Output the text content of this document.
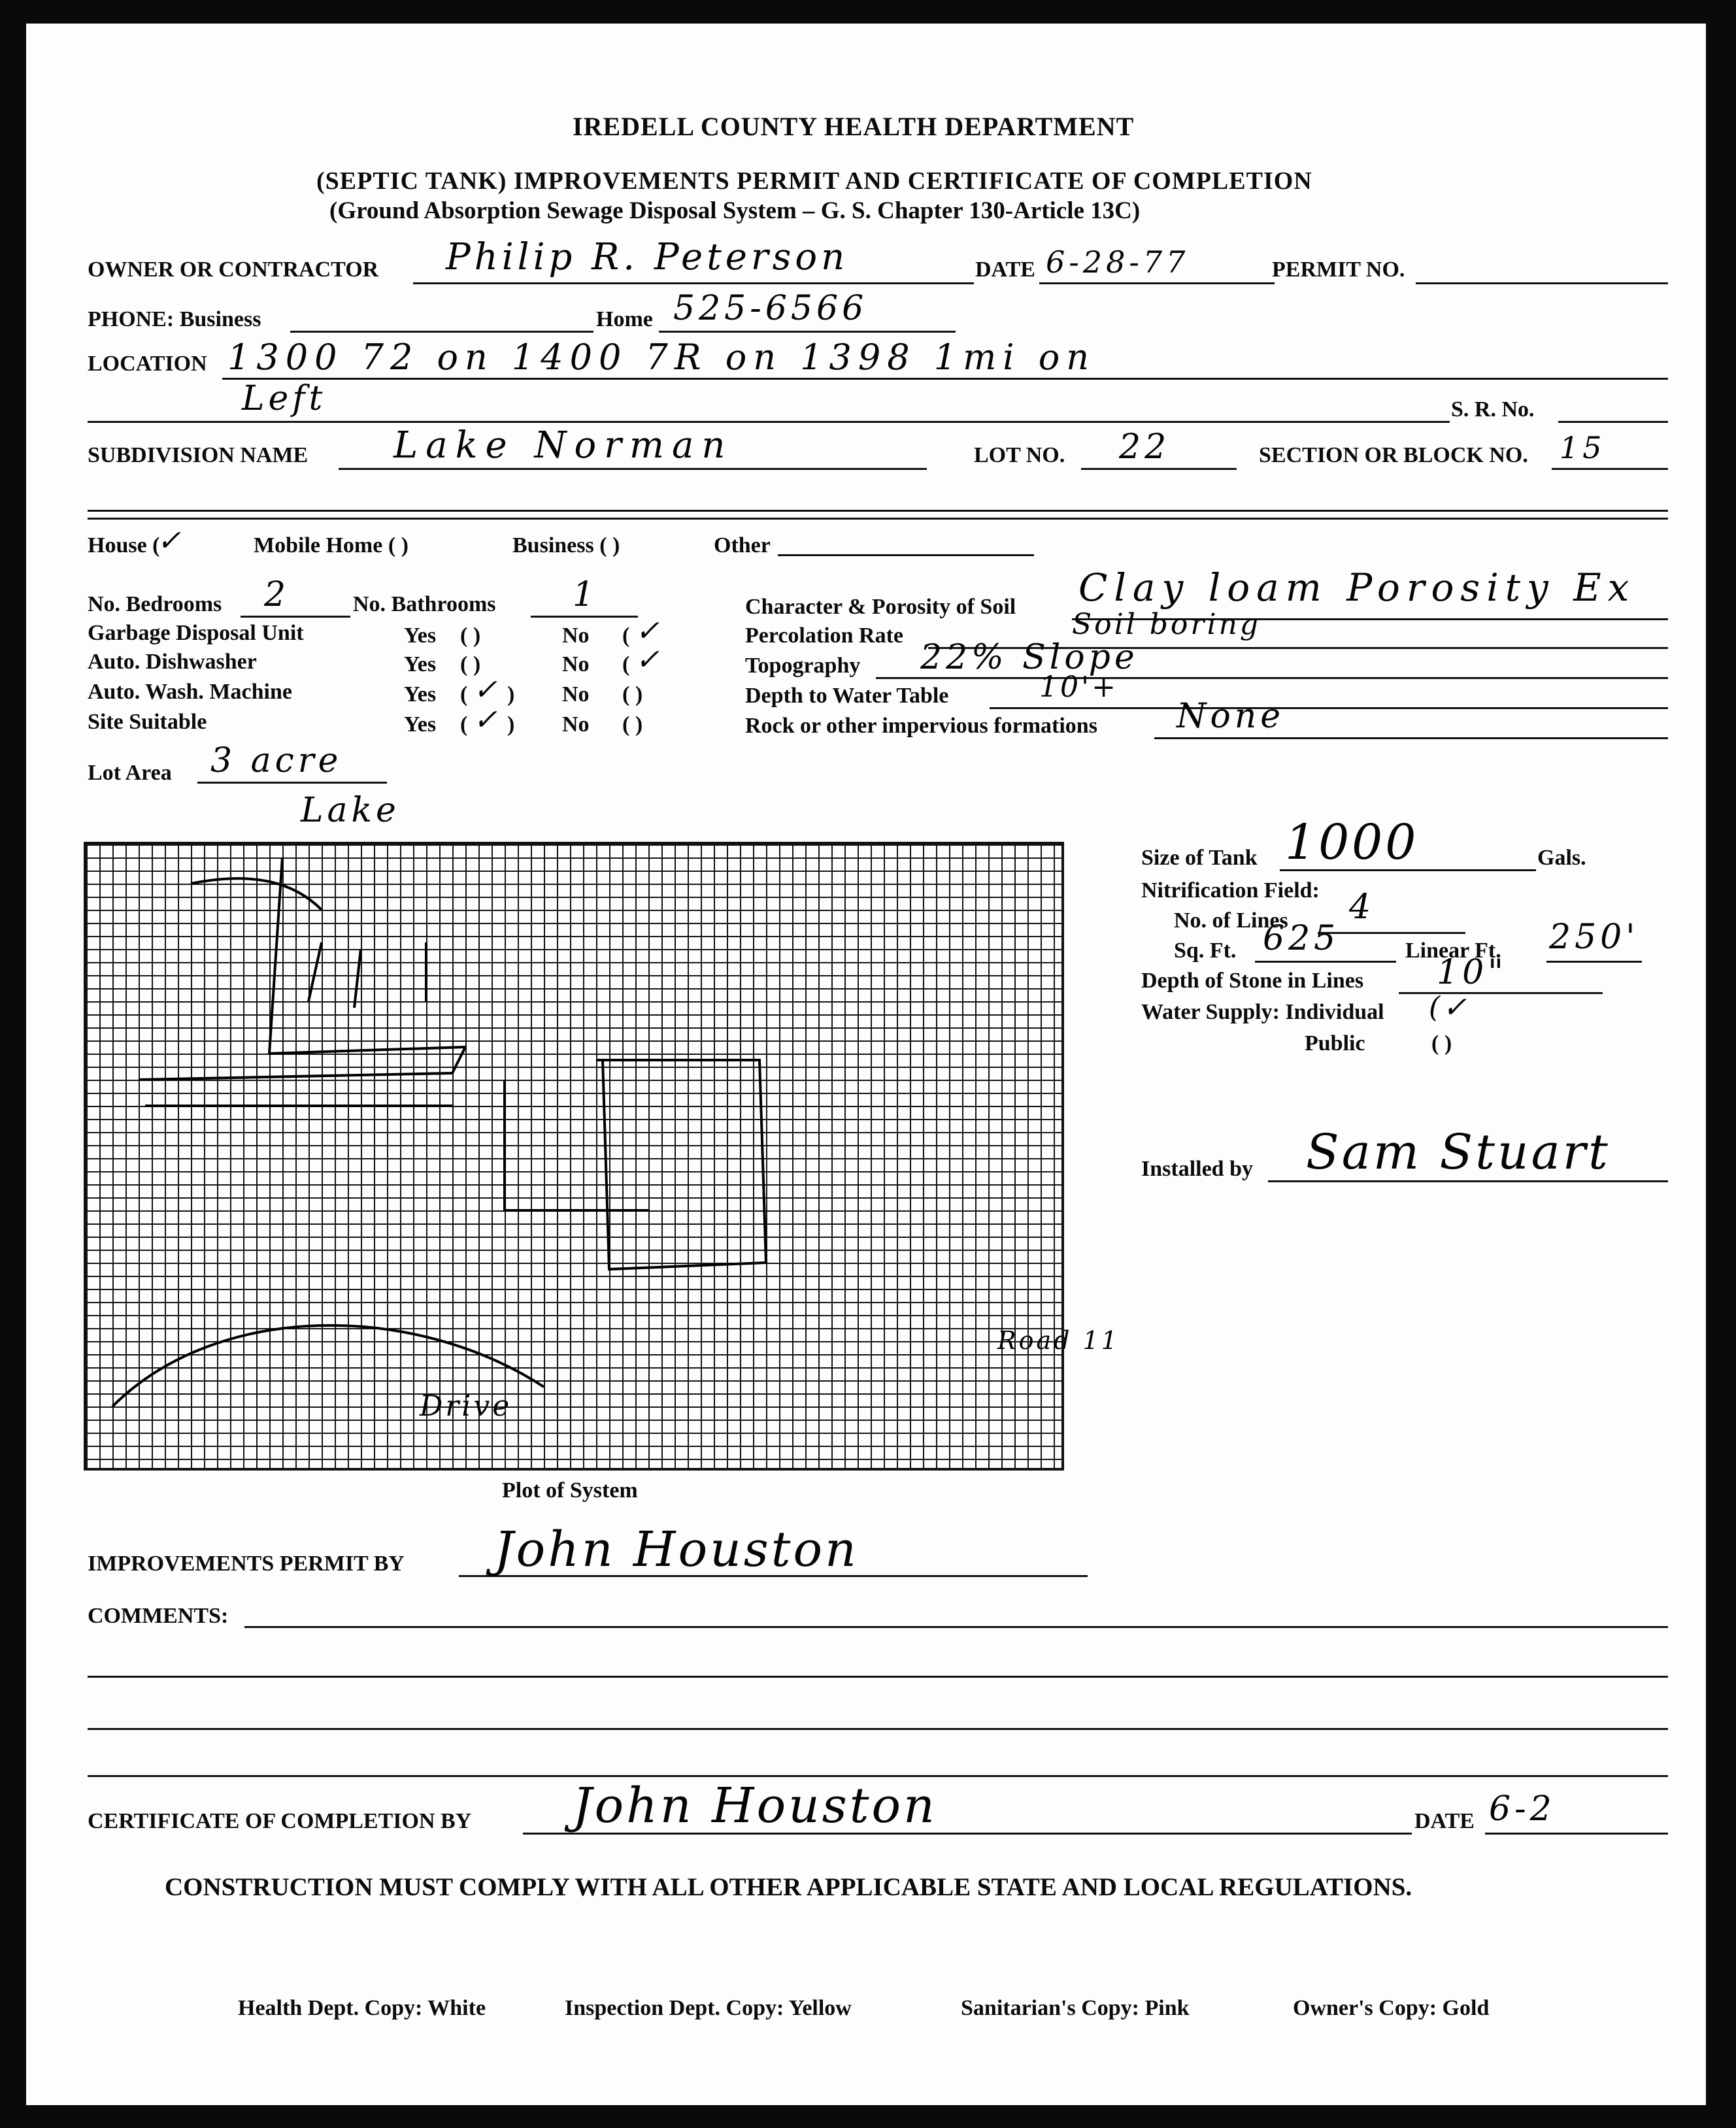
IREDELL COUNTY HEALTH DEPARTMENT
(SEPTIC TANK) IMPROVEMENTS PERMIT AND CERTIFICATE OF COMPLETION
(Ground Absorption Sewage Disposal System – G. S. Chapter 130-Article 13C)
OWNER OR CONTRACTOR Philip R. Peterson	DATE 6-28-77	PERMIT NO.
PHONE: Business	Home 525-6566
LOCATION 1300 72 on 1400 7R on 1398 1mi on
Left	S. R. No.
SUBDIVISION NAME Lake Norman	LOT NO. 22	SECTION OR BLOCK NO. 15
House (
✓	Mobile Home ( )	Business ( )	Other
No. Bedrooms 2	No. Bathrooms 1
Garbage Disposal Unit	Yes ( )	No ( ✓
Auto. Dishwasher	Yes ( )	No ( ✓
Auto. Wash. Machine	Yes ( ✓ ) No ( )
Site Suitable	Yes ( ✓ ) No ( )
Character & Porosity of Soil Clay loam Porosity Ex
Percolation Rate	Soil boring
Topography 22% Slope
Depth to Water Table	10'+
Rock or other impervious formations None
Lot Area 3 acre
Lake
Drive
Road 11
Plot of System
Size of Tank 1000	Gals.
Nitrification Field:
No. of Lines 4
Sq. Ft. 625	Linear Ft. 250'
Depth of Stone in Lines 10"
Water Supply: Individual (✓
Public	( )
Installed by Sam Stuart
IMPROVEMENTS PERMIT BY John Houston
COMMENTS:
CERTIFICATE OF COMPLETION BY John Houston	DATE 6-2
CONSTRUCTION MUST COMPLY WITH ALL OTHER APPLICABLE STATE AND LOCAL REGULATIONS.
Health Dept. Copy: White	Inspection Dept. Copy: Yellow	Sanitarian's Copy: Pink	Owner's Copy: Gold
